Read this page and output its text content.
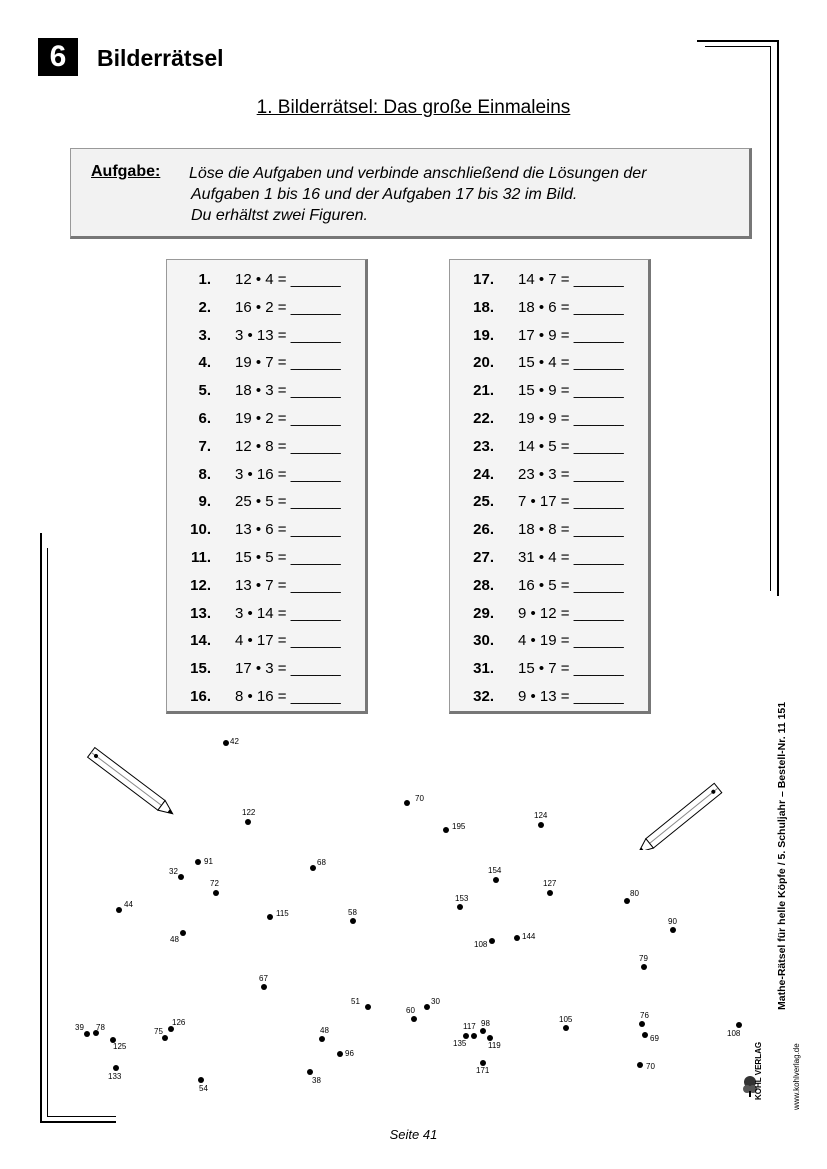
6	Bilderrätsel
1. Bilderrätsel: Das große Einmaleins
Aufgabe: Löse die Aufgaben und verbinde anschließend die Lösungen der
Aufgaben 1 bis 16 und der Aufgaben 17 bis 32 im Bild.
Du erhältst zwei Figuren.
1. 12 • 4 = ______
2. 16 • 2 = ______
3. 3 • 13 = ______
4. 19 • 7 = ______
5. 18 • 3 = ______
6. 19 • 2 = ______
7. 12 • 8 = ______
8. 3 • 16 = ______
9. 25 • 5 = ______
10. 13 • 6 = ______
11. 15 • 5 = ______
12. 13 • 7 = ______
13. 3 • 14 = ______
14. 4 • 17 = ______
15. 17 • 3 = ______
16. 8 • 16 = ______
17. 14 • 7 = ______
18. 18 • 6 = ______
19. 17 • 9 = ______
20. 15 • 4 = ______
21. 15 • 9 = ______
22. 19 • 9 = ______
23. 14 • 5 = ______
24. 23 • 3 = ______
25. 7 • 17 = ______
26. 18 • 8 = ______
27. 31 • 4 = ______
28. 16 • 5 = ______
29. 9 • 12 = ______
30. 4 • 19 = ______
31. 15 • 7 = ______
32. 9 • 13 = ______
42
122
91
32
72
68
44
115	58
48
67
70
195
124
154
127
153
108
144
80
90
79
51
60
30
105	76
69
117 98
135	119
171	70
39 78
125
75
126
48
96
133
54
38
108
Mathe-Rätsel für helle Köpfe / 5. Schuljahr – Bestell-Nr. 11 151
www.kohlverlag.de
KOHL VERLAG
Seite 41
